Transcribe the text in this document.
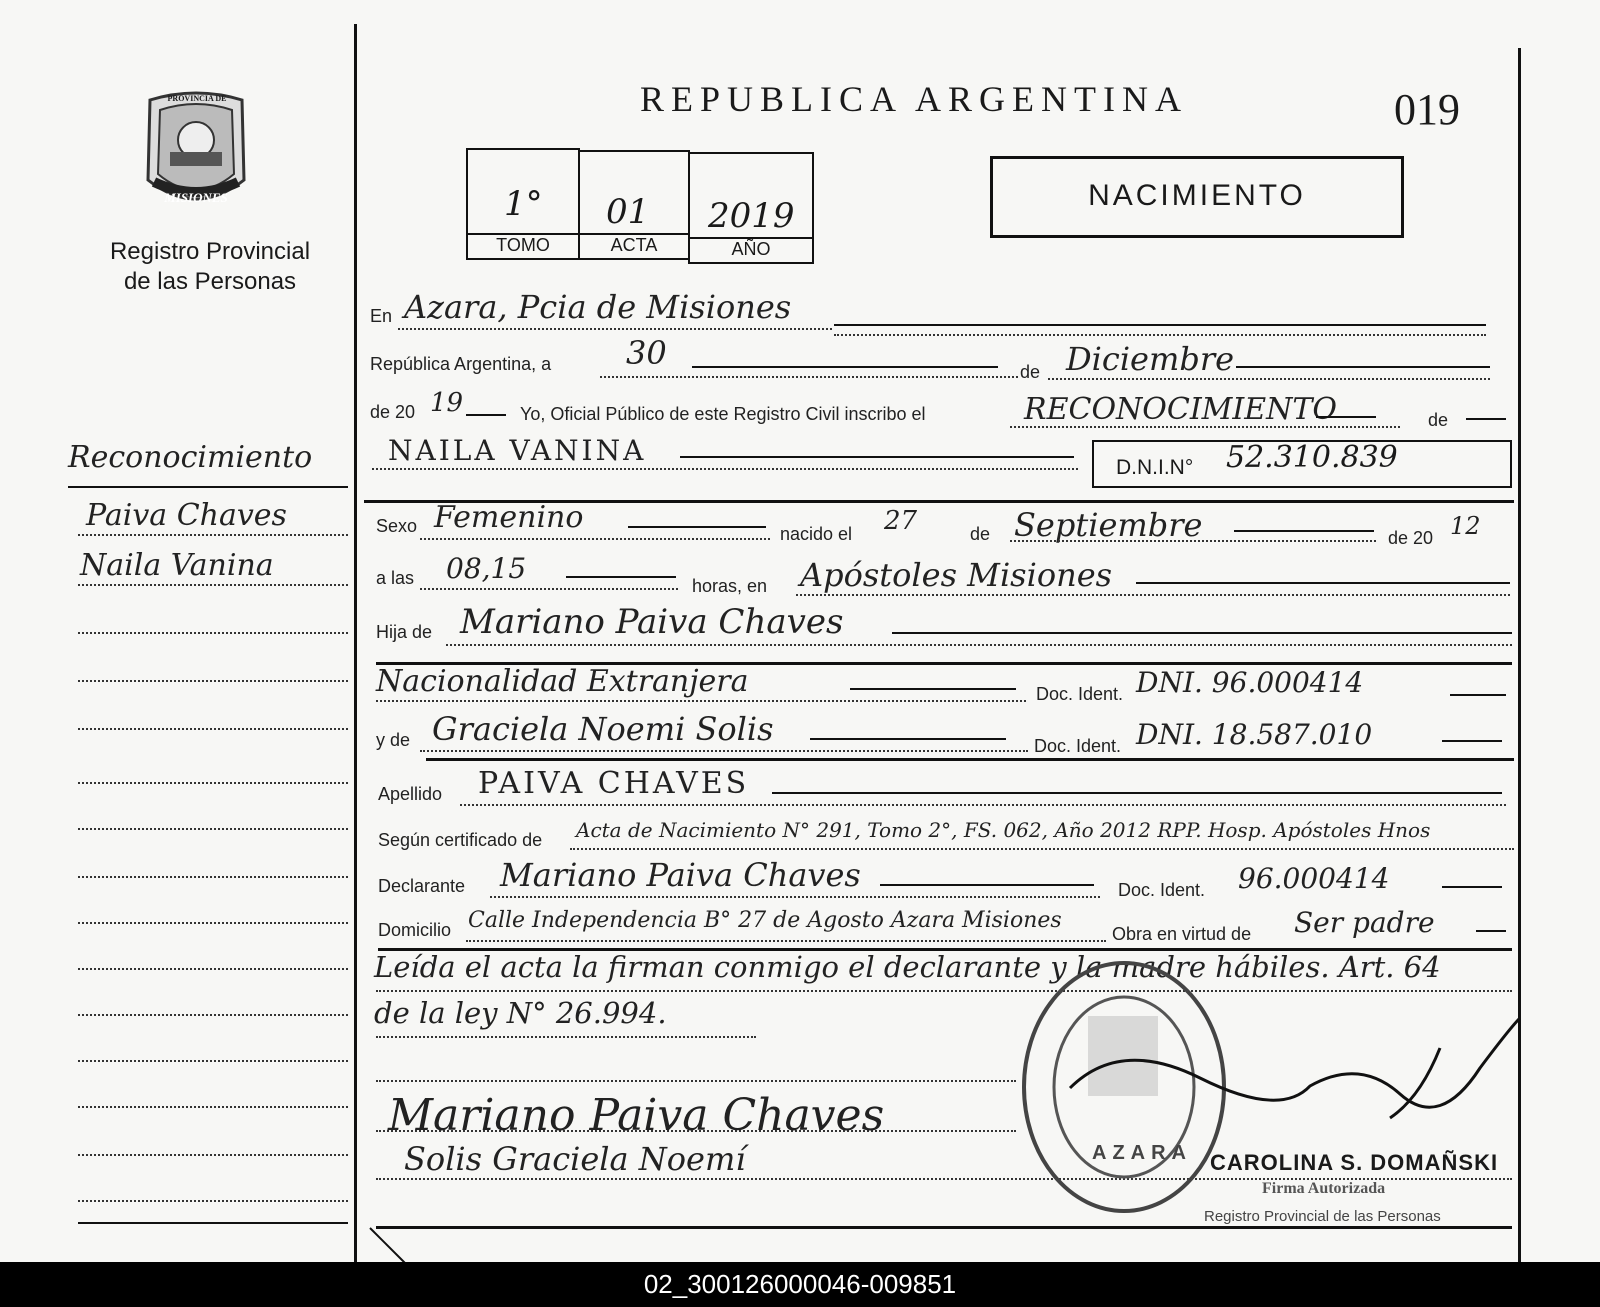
PROVINCIA DE
MISIONES
Registro Provincial
de las Personas
Reconocimiento
Paiva Chaves
Naila Vanina
REPUBLICA ARGENTINA	019
1°
TOMO
01
ACTA
2019
AÑO
NACIMIENTO
En Azara, Pcia de Misiones
República Argentina, a 30	de Diciembre
de 20 19	Yo, Oficial Público de este Registro Civil inscribo el	RECONOCIMIENTO	de
NAILA VANINA
D.N.I.N° 52.310.839
Sexo Femenino	nacido el 27	de Septiembre	de 20 12
a las 08,15
horas, en Apóstoles Misiones
Hija de Mariano Paiva Chaves
Nacionalidad Extranjera	Doc. Ident. DNI. 96.000414
y de Graciela Noemi Solis	Doc. Ident. DNI. 18.587.010
Apellido PAIVA CHAVES
Según certificado de Acta de Nacimiento N° 291, Tomo 2°, FS. 062, Año 2012 RPP. Hosp. Apóstoles Hnos
Declarante Mariano Paiva Chaves	Doc. Ident. 96.000414
Domicilio Calle Independencia B° 27 de Agosto Azara Misiones
Obra en virtud de Ser padre
Leída el acta la firman conmigo el declarante y la madre hábiles. Art. 64
de la ley N° 26.994.
AZARA
Mariano Paiva Chaves
Solis Graciela Noemí	CAROLINA S. DOMAÑSKI
Firma Autorizada
Registro Provincial de las Personas
02_300126000046-009851
